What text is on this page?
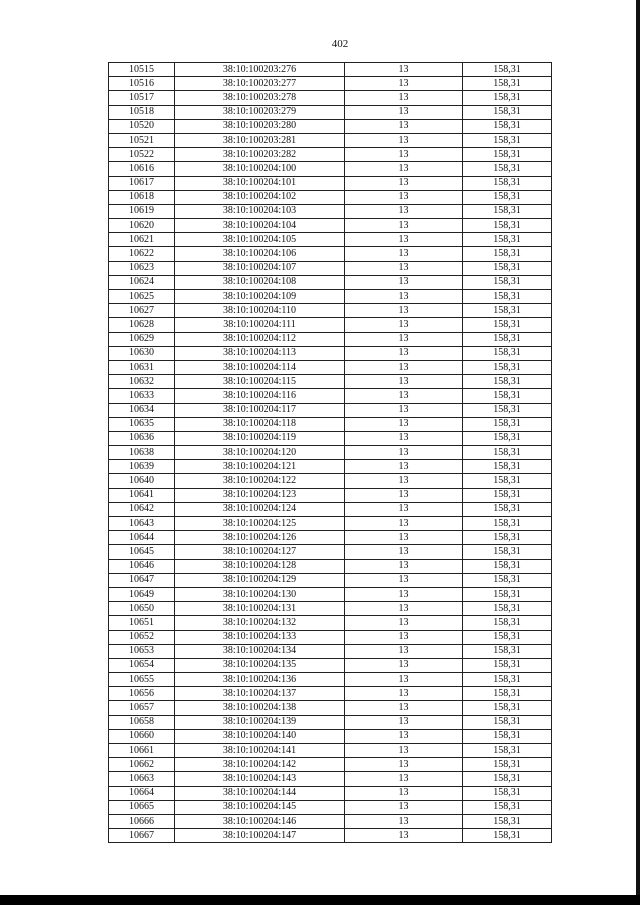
402
10515	38:10:100203:276	13	158,31
10516	38:10:100203:277	13	158,31
10517	38:10:100203:278	13	158,31
10518	38:10:100203:279	13	158,31
10520	38:10:100203:280	13	158,31
10521	38:10:100203:281	13	158,31
10522	38:10:100203:282	13	158,31
10616	38:10:100204:100	13	158,31
10617	38:10:100204:101	13	158,31
10618	38:10:100204:102	13	158,31
10619	38:10:100204:103	13	158,31
10620	38:10:100204:104	13	158,31
10621	38:10:100204:105	13	158,31
10622	38:10:100204:106	13	158,31
10623	38:10:100204:107	13	158,31
10624	38:10:100204:108	13	158,31
10625	38:10:100204:109	13	158,31
10627	38:10:100204:110	13	158,31
10628	38:10:100204:111	13	158,31
10629	38:10:100204:112	13	158,31
10630	38:10:100204:113	13	158,31
10631	38:10:100204:114	13	158,31
10632	38:10:100204:115	13	158,31
10633	38:10:100204:116	13	158,31
10634	38:10:100204:117	13	158,31
10635	38:10:100204:118	13	158,31
10636	38:10:100204:119	13	158,31
10638	38:10:100204:120	13	158,31
10639	38:10:100204:121	13	158,31
10640	38:10:100204:122	13	158,31
10641	38:10:100204:123	13	158,31
10642	38:10:100204:124	13	158,31
10643	38:10:100204:125	13	158,31
10644	38:10:100204:126	13	158,31
10645	38:10:100204:127	13	158,31
10646	38:10:100204:128	13	158,31
10647	38:10:100204:129	13	158,31
10649	38:10:100204:130	13	158,31
10650	38:10:100204:131	13	158,31
10651	38:10:100204:132	13	158,31
10652	38:10:100204:133	13	158,31
10653	38:10:100204:134	13	158,31
10654	38:10:100204:135	13	158,31
10655	38:10:100204:136	13	158,31
10656	38:10:100204:137	13	158,31
10657	38:10:100204:138	13	158,31
10658	38:10:100204:139	13	158,31
10660	38:10:100204:140	13	158,31
10661	38:10:100204:141	13	158,31
10662	38:10:100204:142	13	158,31
10663	38:10:100204:143	13	158,31
10664	38:10:100204:144	13	158,31
10665	38:10:100204:145	13	158,31
10666	38:10:100204:146	13	158,31
10667	38:10:100204:147	13	158,31
